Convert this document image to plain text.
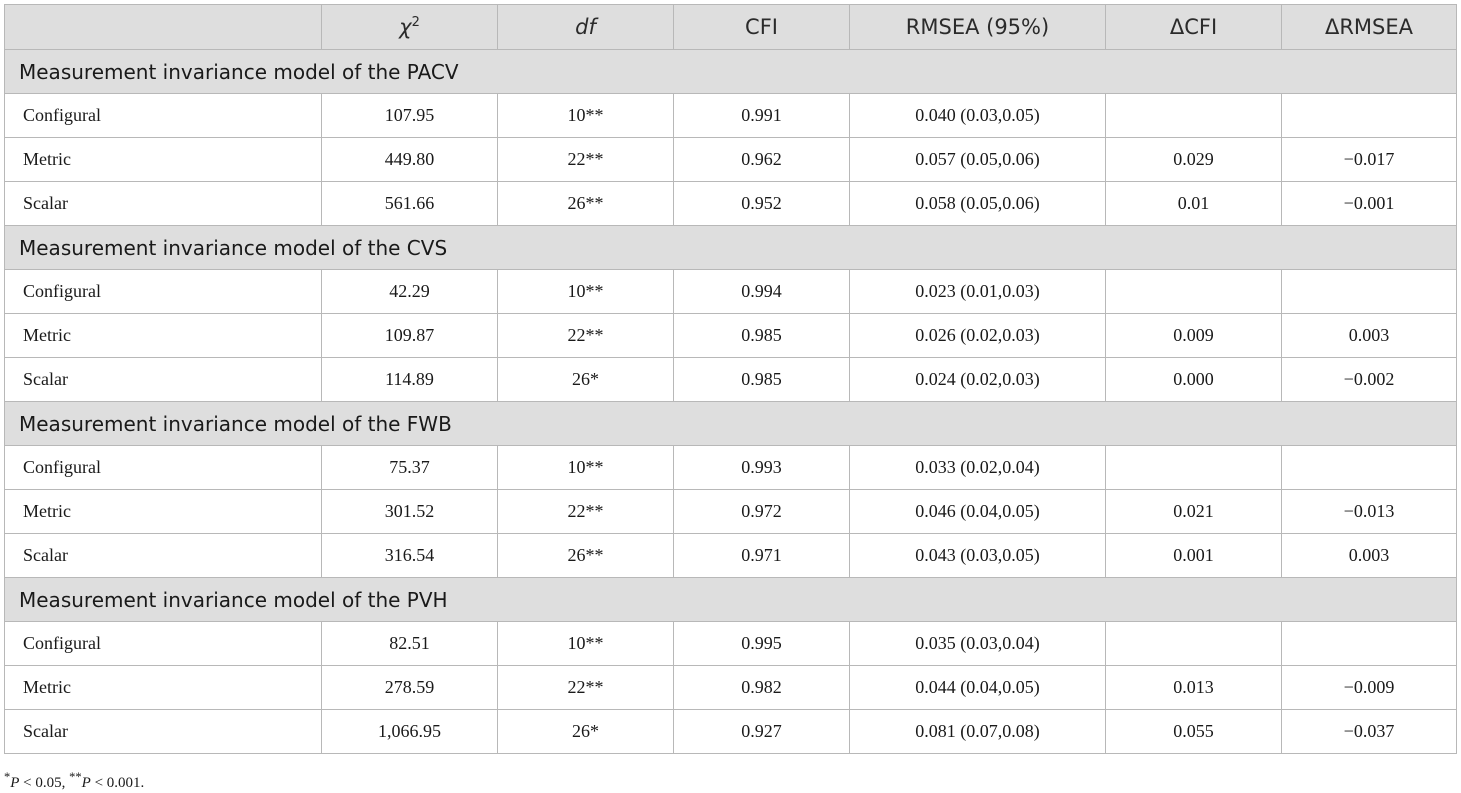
	$\chi^2$	df	CFI	RMSEA (95%)	ΔCFI	ΔRMSEA
Measurement invariance model of the PACV						
Configural	107.95	10**	0.991	0.040 (0.03,0.05)		
Metric	449.80	22**	0.962	0.057 (0.05,0.06)	0.029	−0.017
Scalar	561.66	26**	0.952	0.058 (0.05,0.06)	0.01	−0.001
Measurement invariance model of the CVS						
Configural	42.29	10**	0.994	0.023 (0.01,0.03)		
Metric	109.87	22**	0.985	0.026 (0.02,0.03)	0.009	0.003
Scalar	114.89	26*	0.985	0.024 (0.02,0.03)	0.000	−0.002
Measurement invariance model of the FWB						
Configural	75.37	10**	0.993	0.033 (0.02,0.04)		
Metric	301.52	22**	0.972	0.046 (0.04,0.05)	0.021	−0.013
Scalar	316.54	26**	0.971	0.043 (0.03,0.05)	0.001	0.003
Measurement invariance model of the PVH						
Configural	82.51	10**	0.995	0.035 (0.03,0.04)		
Metric	278.59	22**	0.982	0.044 (0.04,0.05)	0.013	−0.009
Scalar	1,066.95	26*	0.927	0.081 (0.07,0.08)	0.055	−0.037
*P < 0.05, **P < 0.001.
